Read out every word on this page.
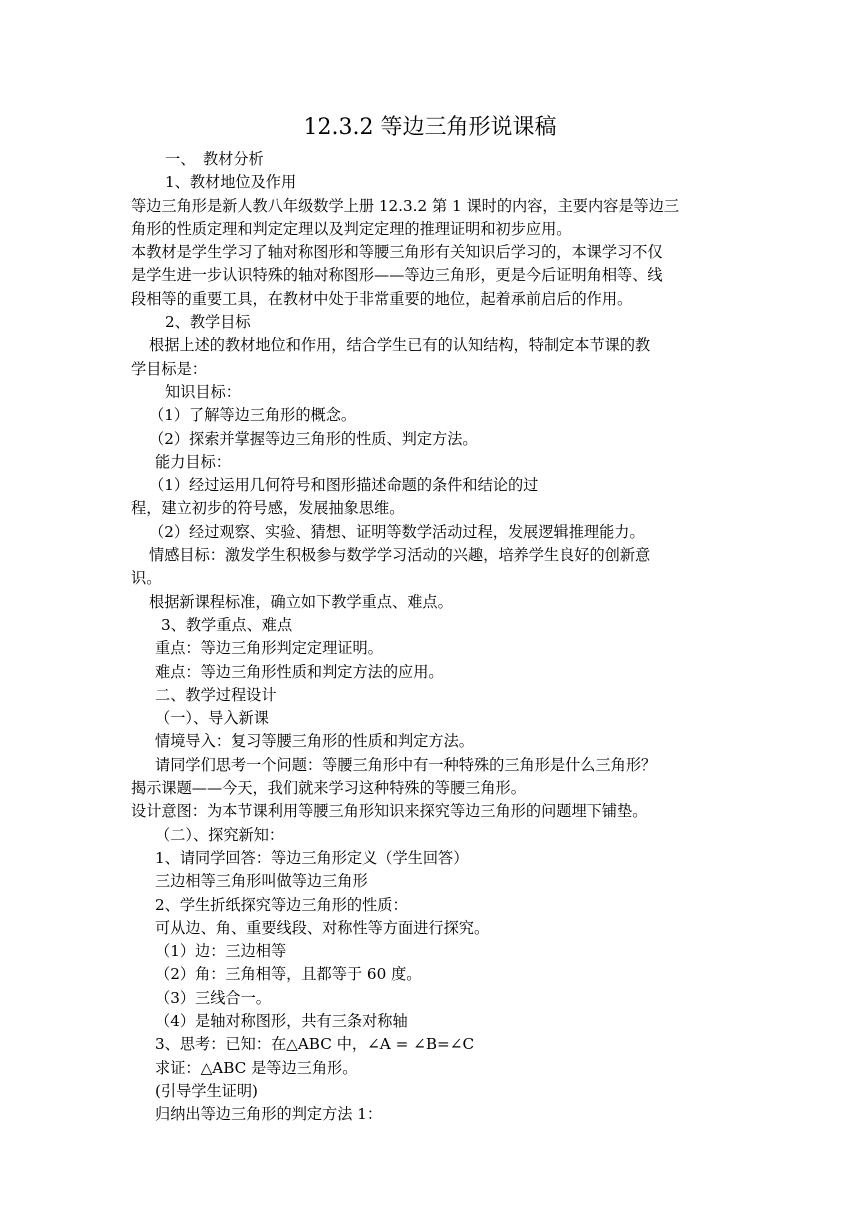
12.3.2 等边三角形说课稿
一、　教材分析
1、教材地位及作用
等边三角形是新人教八年级数学上册 12.3.2 第 1 课时的内容，主要内容是等边三
角形的性质定理和判定定理以及判定定理的推理证明和初步应用。
本教材是学生学习了轴对称图形和等腰三角形有关知识后学习的，本课学习不仅
是学生进一步认识特殊的轴对称图形——等边三角形，更是今后证明角相等、线
段相等的重要工具，在教材中处于非常重要的地位，起着承前启后的作用。
2、教学目标
根据上述的教材地位和作用，结合学生已有的认知结构，特制定本节课的教
学目标是：
知识目标：
（1）了解等边三角形的概念。
（2）探索并掌握等边三角形的性质、判定方法。
能力目标：
（1）经过运用几何符号和图形描述命题的条件和结论的过
程，建立初步的符号感，发展抽象思维。
（2）经过观察、实验、猜想、证明等数学活动过程，发展逻辑推理能力。
情感目标：激发学生积极参与数学学习活动的兴趣，培养学生良好的创新意
识。
根据新课程标准，确立如下教学重点、难点。
3、教学重点、难点
重点：等边三角形判定定理证明。
难点：等边三角形性质和判定方法的应用。
二、教学过程设计
（一）、导入新课
情境导入：复习等腰三角形的性质和判定方法。
请同学们思考一个问题：等腰三角形中有一种特殊的三角形是什么三角形？
揭示课题——今天，我们就来学习这种特殊的等腰三角形。
设计意图：为本节课利用等腰三角形知识来探究等边三角形的问题埋下铺垫。
（二）、探究新知：
1、请同学回答：等边三角形定义（学生回答）
三边相等三角形叫做等边三角形
2、学生折纸探究等边三角形的性质：
可从边、角、重要线段、对称性等方面进行探究。
（1）边：三边相等
（2）角：三角相等，且都等于 60 度。
（3）三线合一。
（4）是轴对称图形，共有三条对称轴
3、思考：已知：在△ABC 中，∠A = ∠B=∠C
求证：△ABC 是等边三角形。
(引导学生证明)
归纳出等边三角形的判定方法 1：
